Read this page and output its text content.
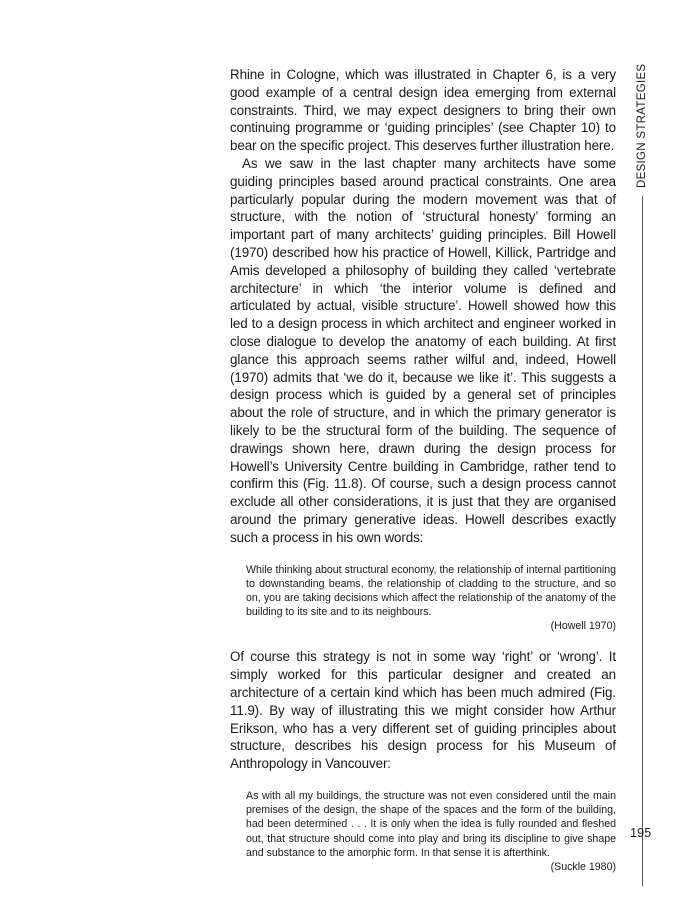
Rhine in Cologne, which was illustrated in Chapter 6, is a very good example of a central design idea emerging from external constraints. Third, we may expect designers to bring their own continuing programme or ‘guiding principles’ (see Chapter 10) to bear on the specific project. This deserves further illustration here.

As we saw in the last chapter many architects have some guiding principles based around practical constraints. One area particularly popular during the modern movement was that of structure, with the notion of ‘structural honesty’ forming an important part of many architects’ guiding principles. Bill Howell (1970) described how his practice of Howell, Killick, Partridge and Amis developed a philosophy of building they called ‘vertebrate architecture’ in which ‘the interior volume is defined and articulated by actual, visible structure’. Howell showed how this led to a design process in which architect and engineer worked in close dialogue to develop the anatomy of each building. At first glance this approach seems rather wilful and, indeed, Howell (1970) admits that ‘we do it, because we like it’. This suggests a design process which is guided by a general set of principles about the role of structure, and in which the primary generator is likely to be the structural form of the building. The sequence of drawings shown here, drawn during the design process for Howell’s University Centre building in Cambridge, rather tend to confirm this (Fig. 11.8). Of course, such a design process cannot exclude all other considerations, it is just that they are organised around the primary generative ideas. Howell describes exactly such a process in his own words:

While thinking about structural economy, the relationship of internal partitioning to downstanding beams, the relationship of cladding to the structure, and so on, you are taking decisions which affect the relationship of the anatomy of the building to its site and to its neighbours.

(Howell 1970)

Of course this strategy is not in some way ‘right’ or ‘wrong’. It simply worked for this particular designer and created an architecture of a certain kind which has been much admired (Fig. 11.9). By way of illustrating this we might consider how Arthur Erikson, who has a very different set of guiding principles about structure, describes his design process for his Museum of Anthropology in Vancouver:

As with all my buildings, the structure was not even considered until the main premises of the design, the shape of the spaces and the form of the building, had been determined . . . It is only when the idea is fully rounded and fleshed out, that structure should come into play and bring its discipline to give shape and substance to the amorphic form. In that sense it is afterthink.

(Suckle 1980)

DESIGN STRATEGIES
195
